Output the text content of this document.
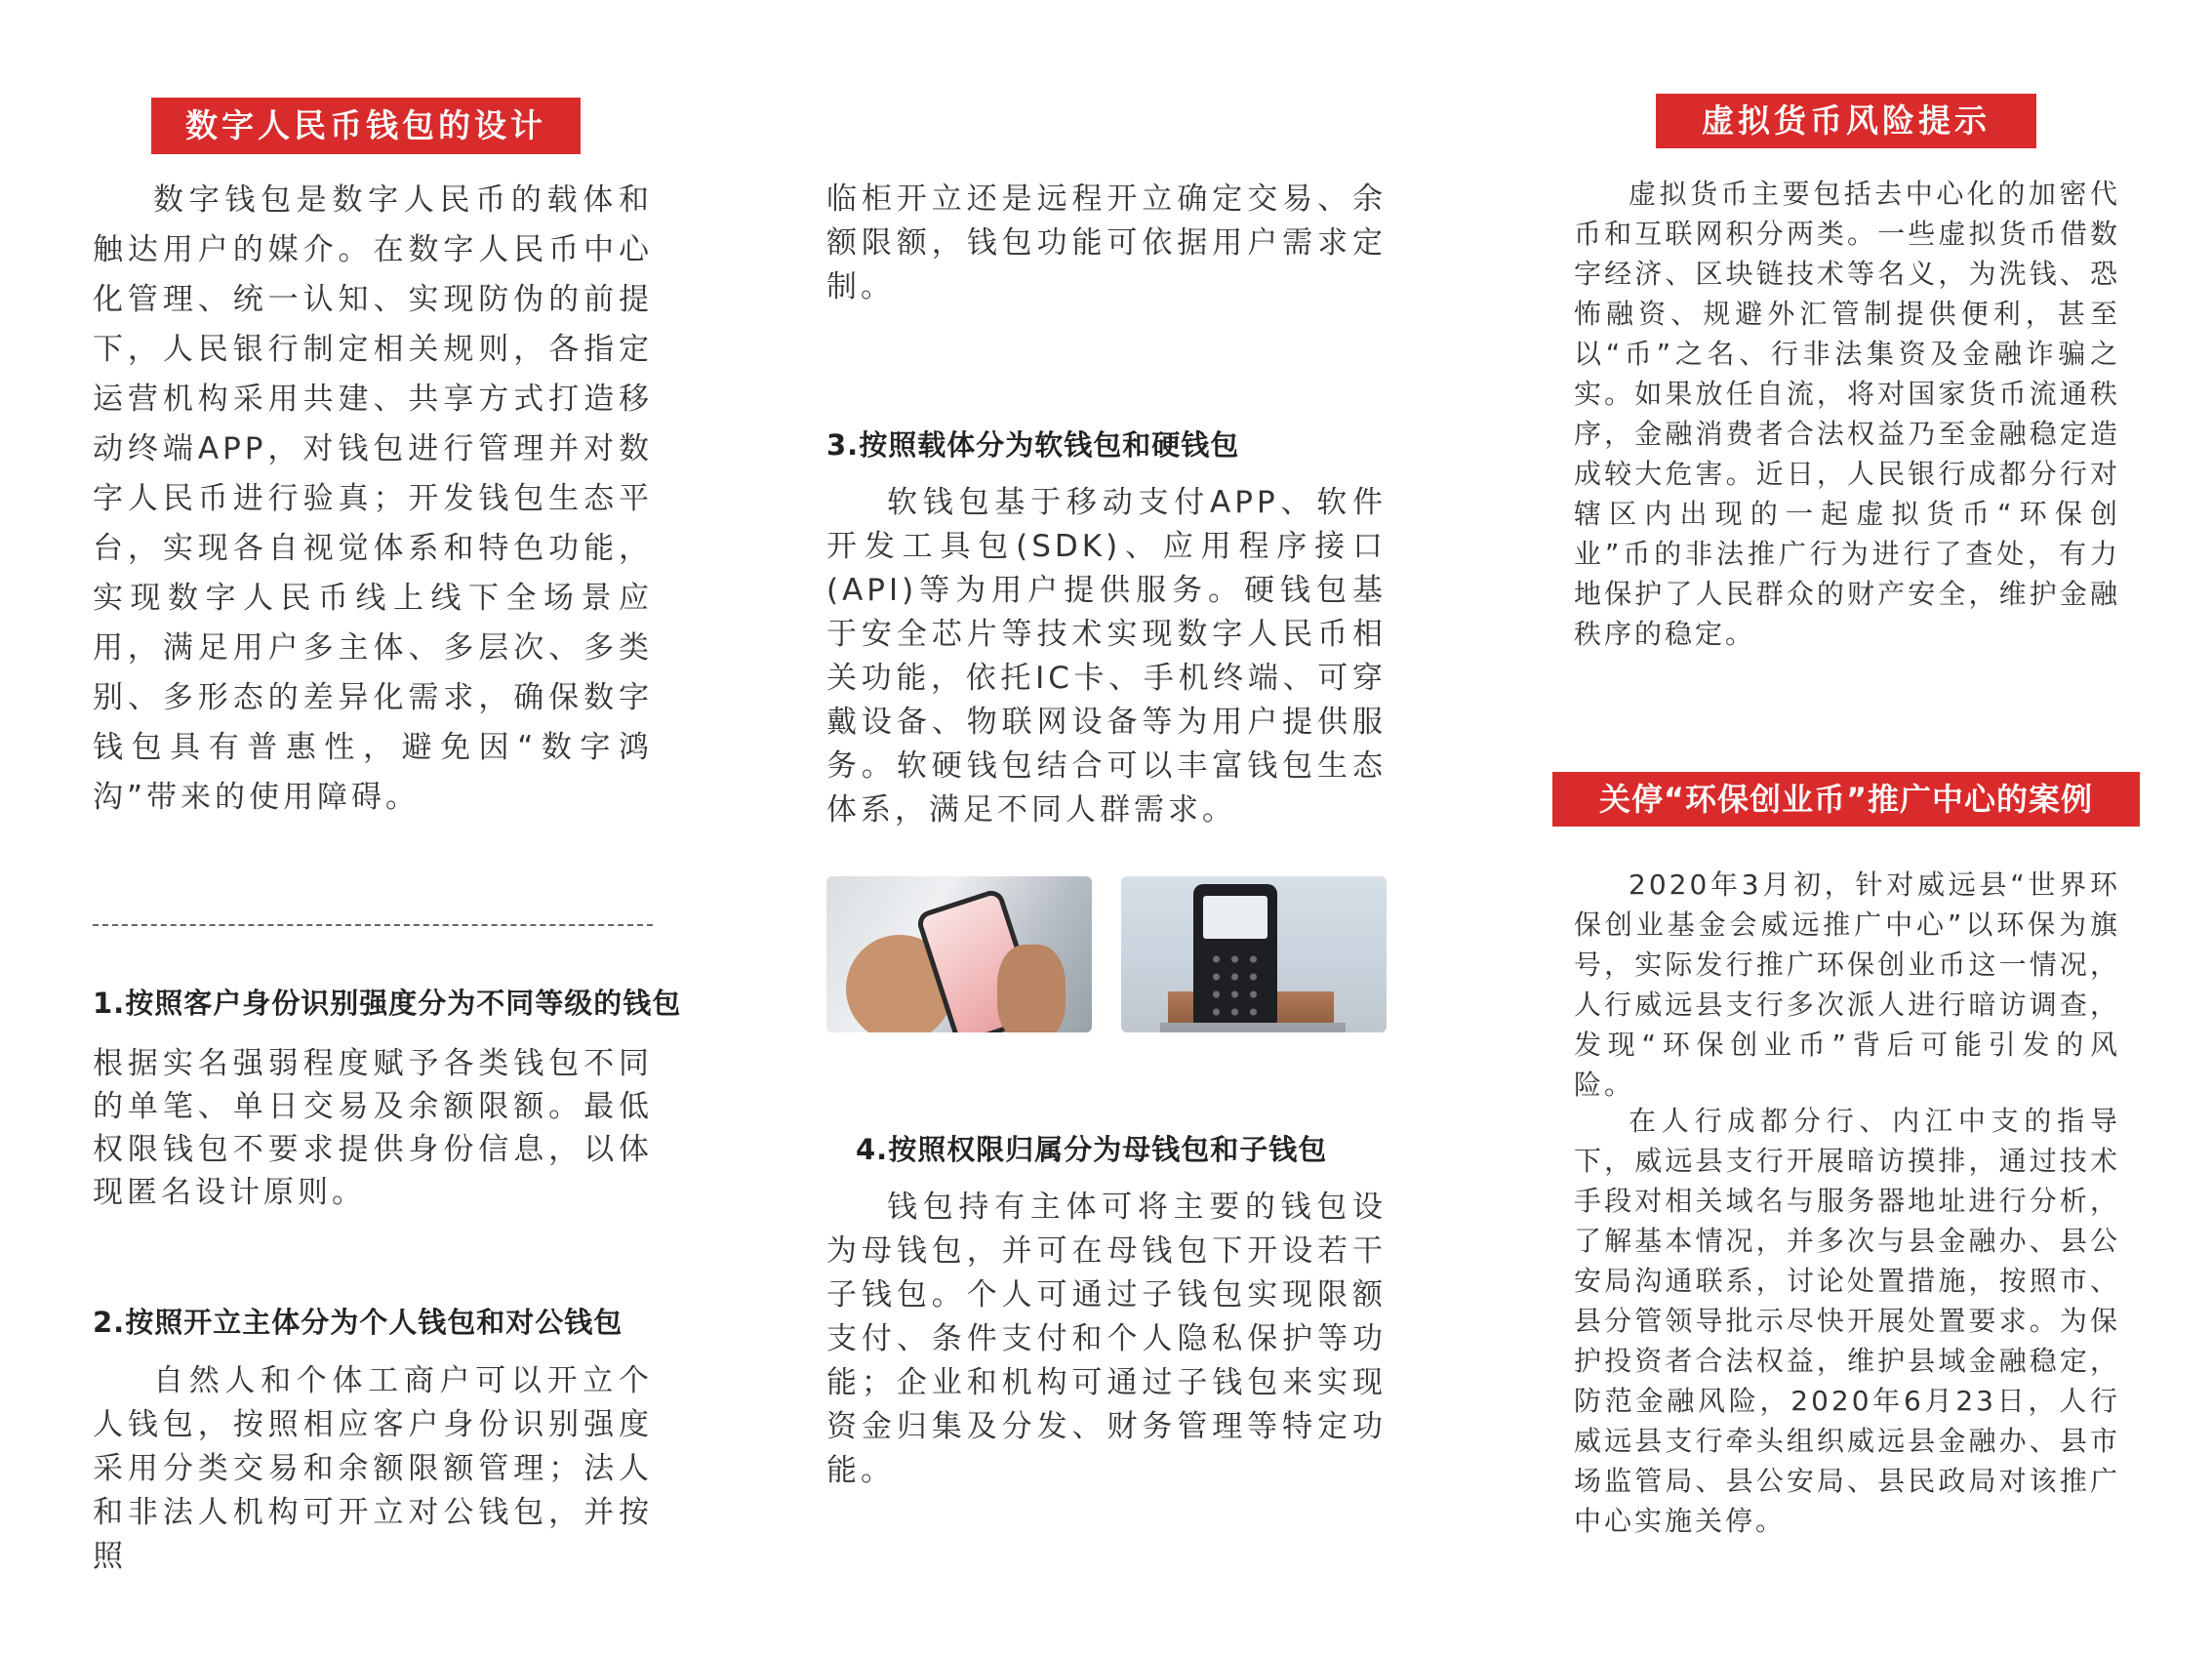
数字人民币钱包的设计

数字钱包是数字人民币的载体和触达用户的媒介。在数字人民币中心化管理、统一认知、实现防伪的前提下，人民银行制定相关规则，各指定运营机构采用共建、共享方式打造移动终端APP，对钱包进行管理并对数字人民币进行验真；开发钱包生态平台，实现各自视觉体系和特色功能，实现数字人民币线上线下全场景应用，满足用户多主体、多层次、多类别、多形态的差异化需求，确保数字钱包具有普惠性，避免因“数字鸿沟”带来的使用障碍。

1.按照客户身份识别强度分为不同等级的钱包

根据实名强弱程度赋予各类钱包不同的单笔、单日交易及余额限额。最低权限钱包不要求提供身份信息，以体现匿名设计原则。

2.按照开立主体分为个人钱包和对公钱包

自然人和个体工商户可以开立个人钱包，按照相应客户身份识别强度采用分类交易和余额限额管理；法人和非法人机构可开立对公钱包，并按照

临柜开立还是远程开立确定交易、余额限额，钱包功能可依据用户需求定制。

3.按照载体分为软钱包和硬钱包

软钱包基于移动支付APP、软件开发工具包(SDK)、应用程序接口(API)等为用户提供服务。硬钱包基于安全芯片等技术实现数字人民币相关功能，依托IC卡、手机终端、可穿戴设备、物联网设备等为用户提供服务。软硬钱包结合可以丰富钱包生态体系，满足不同人群需求。

4.按照权限归属分为母钱包和子钱包

钱包持有主体可将主要的钱包设为母钱包，并可在母钱包下开设若干子钱包。个人可通过子钱包实现限额支付、条件支付和个人隐私保护等功能；企业和机构可通过子钱包来实现资金归集及分发、财务管理等特定功能。

虚拟货币风险提示

虚拟货币主要包括去中心化的加密代币和互联网积分两类。一些虚拟货币借数字经济、区块链技术等名义，为洗钱、恐怖融资、规避外汇管制提供便利，甚至以“币”之名、行非法集资及金融诈骗之实。如果放任自流，将对国家货币流通秩序，金融消费者合法权益乃至金融稳定造成较大危害。近日，人民银行成都分行对辖区内出现的一起虚拟货币“环保创业”币的非法推广行为进行了查处，有力地保护了人民群众的财产安全，维护金融秩序的稳定。

关停“环保创业币”推广中心的案例

2020年3月初，针对威远县“世界环保创业基金会威远推广中心”以环保为旗号，实际发行推广环保创业币这一情况，人行威远县支行多次派人进行暗访调查，发现“环保创业币”背后可能引发的风险。

在人行成都分行、内江中支的指导下，威远县支行开展暗访摸排，通过技术手段对相关域名与服务器地址进行分析，了解基本情况，并多次与县金融办、县公安局沟通联系，讨论处置措施，按照市、县分管领导批示尽快开展处置要求。为保护投资者合法权益，维护县域金融稳定，防范金融风险，2020年6月23日，人行威远县支行牵头组织威远县金融办、县市场监管局、县公安局、县民政局对该推广中心实施关停。
